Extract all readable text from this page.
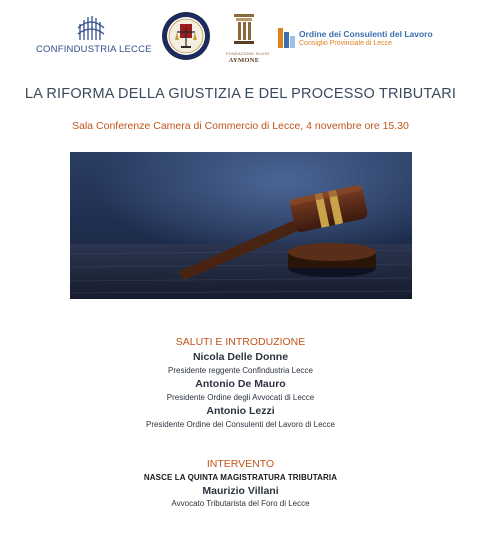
CONFINDUSTRIA LECCE	FONDAZIONE SILVIO
AYMONE
Ordine dei Consulenti del Lavoro
Consiglio Provinciale di Lecce
LA RIFORMA DELLA GIUSTIZIA E DEL PROCESSO TRIBUTARI
Sala Conferenze Camera di Commercio di Lecce, 4 novembre ore 15.30
SALUTI E INTRODUZIONE
Nicola Delle Donne
Presidente reggente Confindustria Lecce
Antonio De Mauro
Presidente Ordine degli Avvocati di Lecce
Antonio Lezzi
Presidente Ordine dei Consulenti del Lavoro di Lecce
INTERVENTO
NASCE LA QUINTA MAGISTRATURA TRIBUTARIA
Maurizio Villani
Avvocato Tributarista del Foro di Lecce
